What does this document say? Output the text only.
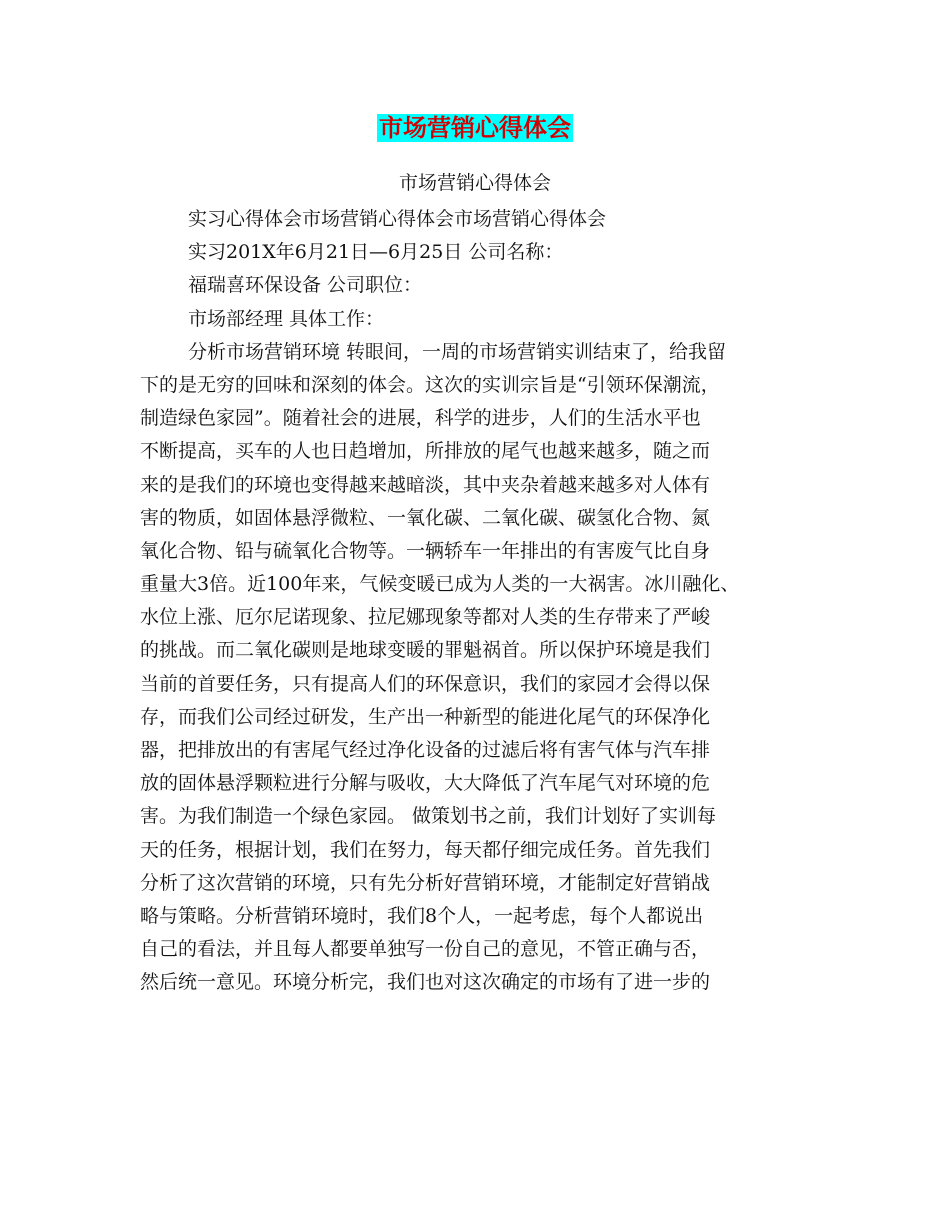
市场营销心得体会
市场营销心得体会
实习心得体会市场营销心得体会市场营销心得体会
实习201X年6月21日—6月25日 公司名称：
福瑞喜环保设备 公司职位：
市场部经理 具体工作：
分析市场营销环境 转眼间，一周的市场营销实训结束了，给我留
下的是无穷的回味和深刻的体会。这次的实训宗旨是“引领环保潮流，
制造绿色家园”。随着社会的进展，科学的进步，人们的生活水平也
不断提高，买车的人也日趋增加，所排放的尾气也越来越多，随之而
来的是我们的环境也变得越来越暗淡，其中夹杂着越来越多对人体有
害的物质，如固体悬浮微粒、一氧化碳、二氧化碳、碳氢化合物、氮
氧化合物、铅与硫氧化合物等。一辆轿车一年排出的有害废气比自身
重量大3倍。近100年来，气候变暖已成为人类的一大祸害。冰川融化、
水位上涨、厄尔尼诺现象、拉尼娜现象等都对人类的生存带来了严峻
的挑战。而二氧化碳则是地球变暖的罪魁祸首。所以保护环境是我们
当前的首要任务，只有提高人们的环保意识，我们的家园才会得以保
存，而我们公司经过研发，生产出一种新型的能进化尾气的环保净化
器，把排放出的有害尾气经过净化设备的过滤后将有害气体与汽车排
放的固体悬浮颗粒进行分解与吸收，大大降低了汽车尾气对环境的危
害。为我们制造一个绿色家园。 做策划书之前，我们计划好了实训每
天的任务，根据计划，我们在努力，每天都仔细完成任务。首先我们
分析了这次营销的环境，只有先分析好营销环境，才能制定好营销战
略与策略。分析营销环境时，我们8个人，一起考虑，每个人都说出
自己的看法，并且每人都要单独写一份自己的意见，不管正确与否，
然后统一意见。环境分析完，我们也对这次确定的市场有了进一步的
